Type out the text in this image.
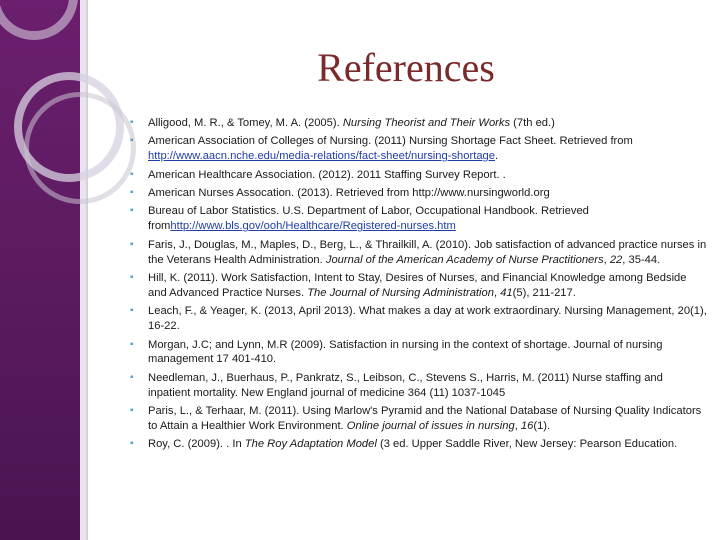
References
▪ Alligood, M. R., & Tomey, M. A. (2005). Nursing Theorist and Their Works (7th ed.)
▪ American Association of Colleges of Nursing. (2011) Nursing Shortage Fact Sheet. Retrieved from http://www.aacn.nche.edu/media-relations/fact-sheet/nursing-shortage.
▪ American Healthcare Association. (2012). 2011 Staffing Survey Report. .
▪ American Nurses Assocation. (2013). Retrieved from http://www.nursingworld.org
▪ Bureau of Labor Statistics. U.S. Department of Labor, Occupational Handbook. Retrieved fromhttp://www.bls.gov/ooh/Healthcare/Registered-nurses.htm
▪ Faris, J., Douglas, M., Maples, D., Berg, L., & Thrailkill, A. (2010). Job satisfaction of advanced practice nurses in the Veterans Health Administration. Journal of the American Academy of Nurse Practitioners, 22, 35-44.
▪ Hill, K. (2011). Work Satisfaction, Intent to Stay, Desires of Nurses, and Financial Knowledge among Bedside and Advanced Practice Nurses. The Journal of Nursing Administration, 41(5), 211-217.
▪ Leach, F., & Yeager, K. (2013, April 2013). What makes a day at work extraordinary. Nursing Management, 20(1), 16-22.
▪ Morgan, J.C; and Lynn, M.R (2009). Satisfaction in nursing in the context of shortage. Journal of nursing management 17 401-410.
▪ Needleman, J., Buerhaus, P., Pankratz, S., Leibson, C., Stevens S., Harris, M. (2011) Nurse staffing and inpatient mortality. New England journal of medicine 364 (11) 1037-1045
▪ Paris, L., & Terhaar, M. (2011). Using Marlow's Pyramid and the National Database of Nursing Quality Indicators to Attain a Healthier Work Environment. Online journal of issues in nursing, 16(1).
▪ Roy, C. (2009). . In The Roy Adaptation Model (3 ed. Upper Saddle River, New Jersey: Pearson Education.
